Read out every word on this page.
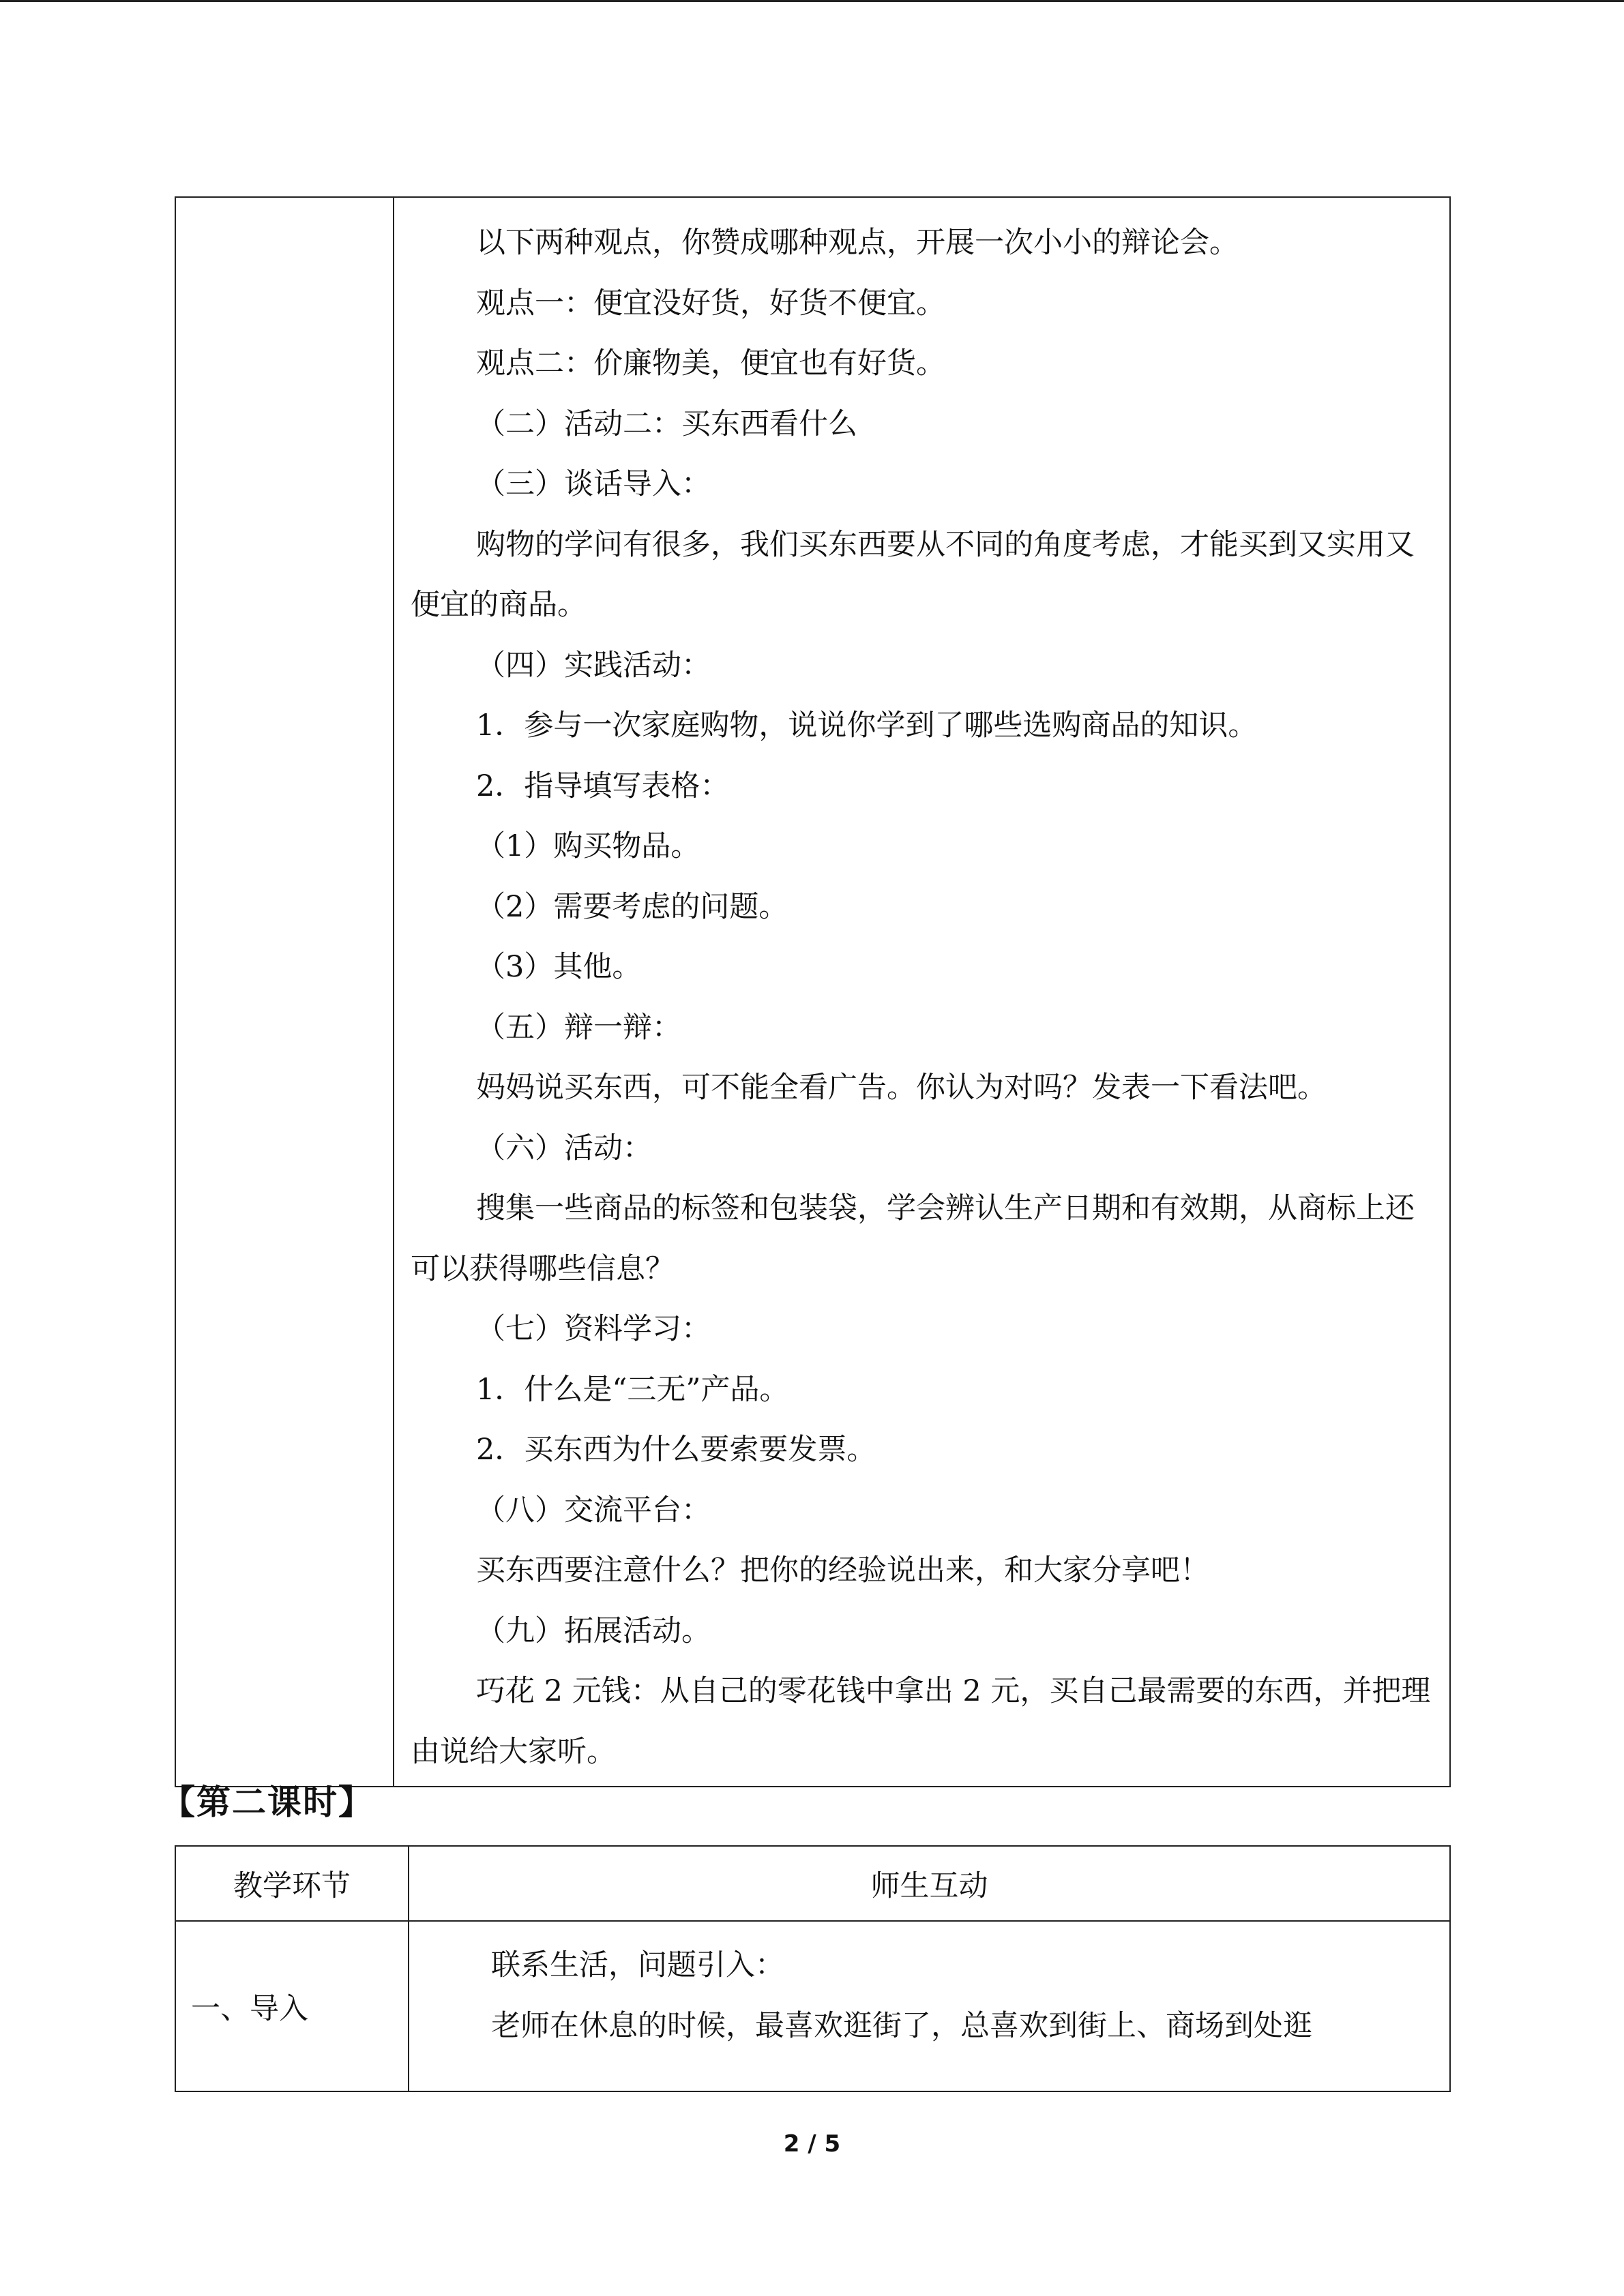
以下两种观点，你赞成哪种观点，开展一次小小的辩论会。

观点一：便宜没好货，好货不便宜。

观点二：价廉物美，便宜也有好货。

（二）活动二：买东西看什么

（三）谈话导入：

购物的学问有很多，我们买东西要从不同的角度考虑，才能买到又实用又便宜的商品。

（四）实践活动：

1．参与一次家庭购物，说说你学到了哪些选购商品的知识。

2．指导填写表格：

（1）购买物品。

（2）需要考虑的问题。

（3）其他。

（五）辩一辩：

妈妈说买东西，可不能全看广告。你认为对吗？发表一下看法吧。

（六）活动：

搜集一些商品的标签和包装袋，学会辨认生产日期和有效期，从商标上还可以获得哪些信息？

（七）资料学习：

1．什么是“三无”产品。

2．买东西为什么要索要发票。

（八）交流平台：

买东西要注意什么？把你的经验说出来，和大家分享吧！

（九）拓展活动。

巧花 2 元钱：从自己的零花钱中拿出 2 元，买自己最需要的东西，并把理由说给大家听。

【第二课时】
教学环节	师生互动
一、导入	联系生活，问题引入：

老师在休息的时候，最喜欢逛街了，总喜欢到街上、商场到处逛

2 / 5
